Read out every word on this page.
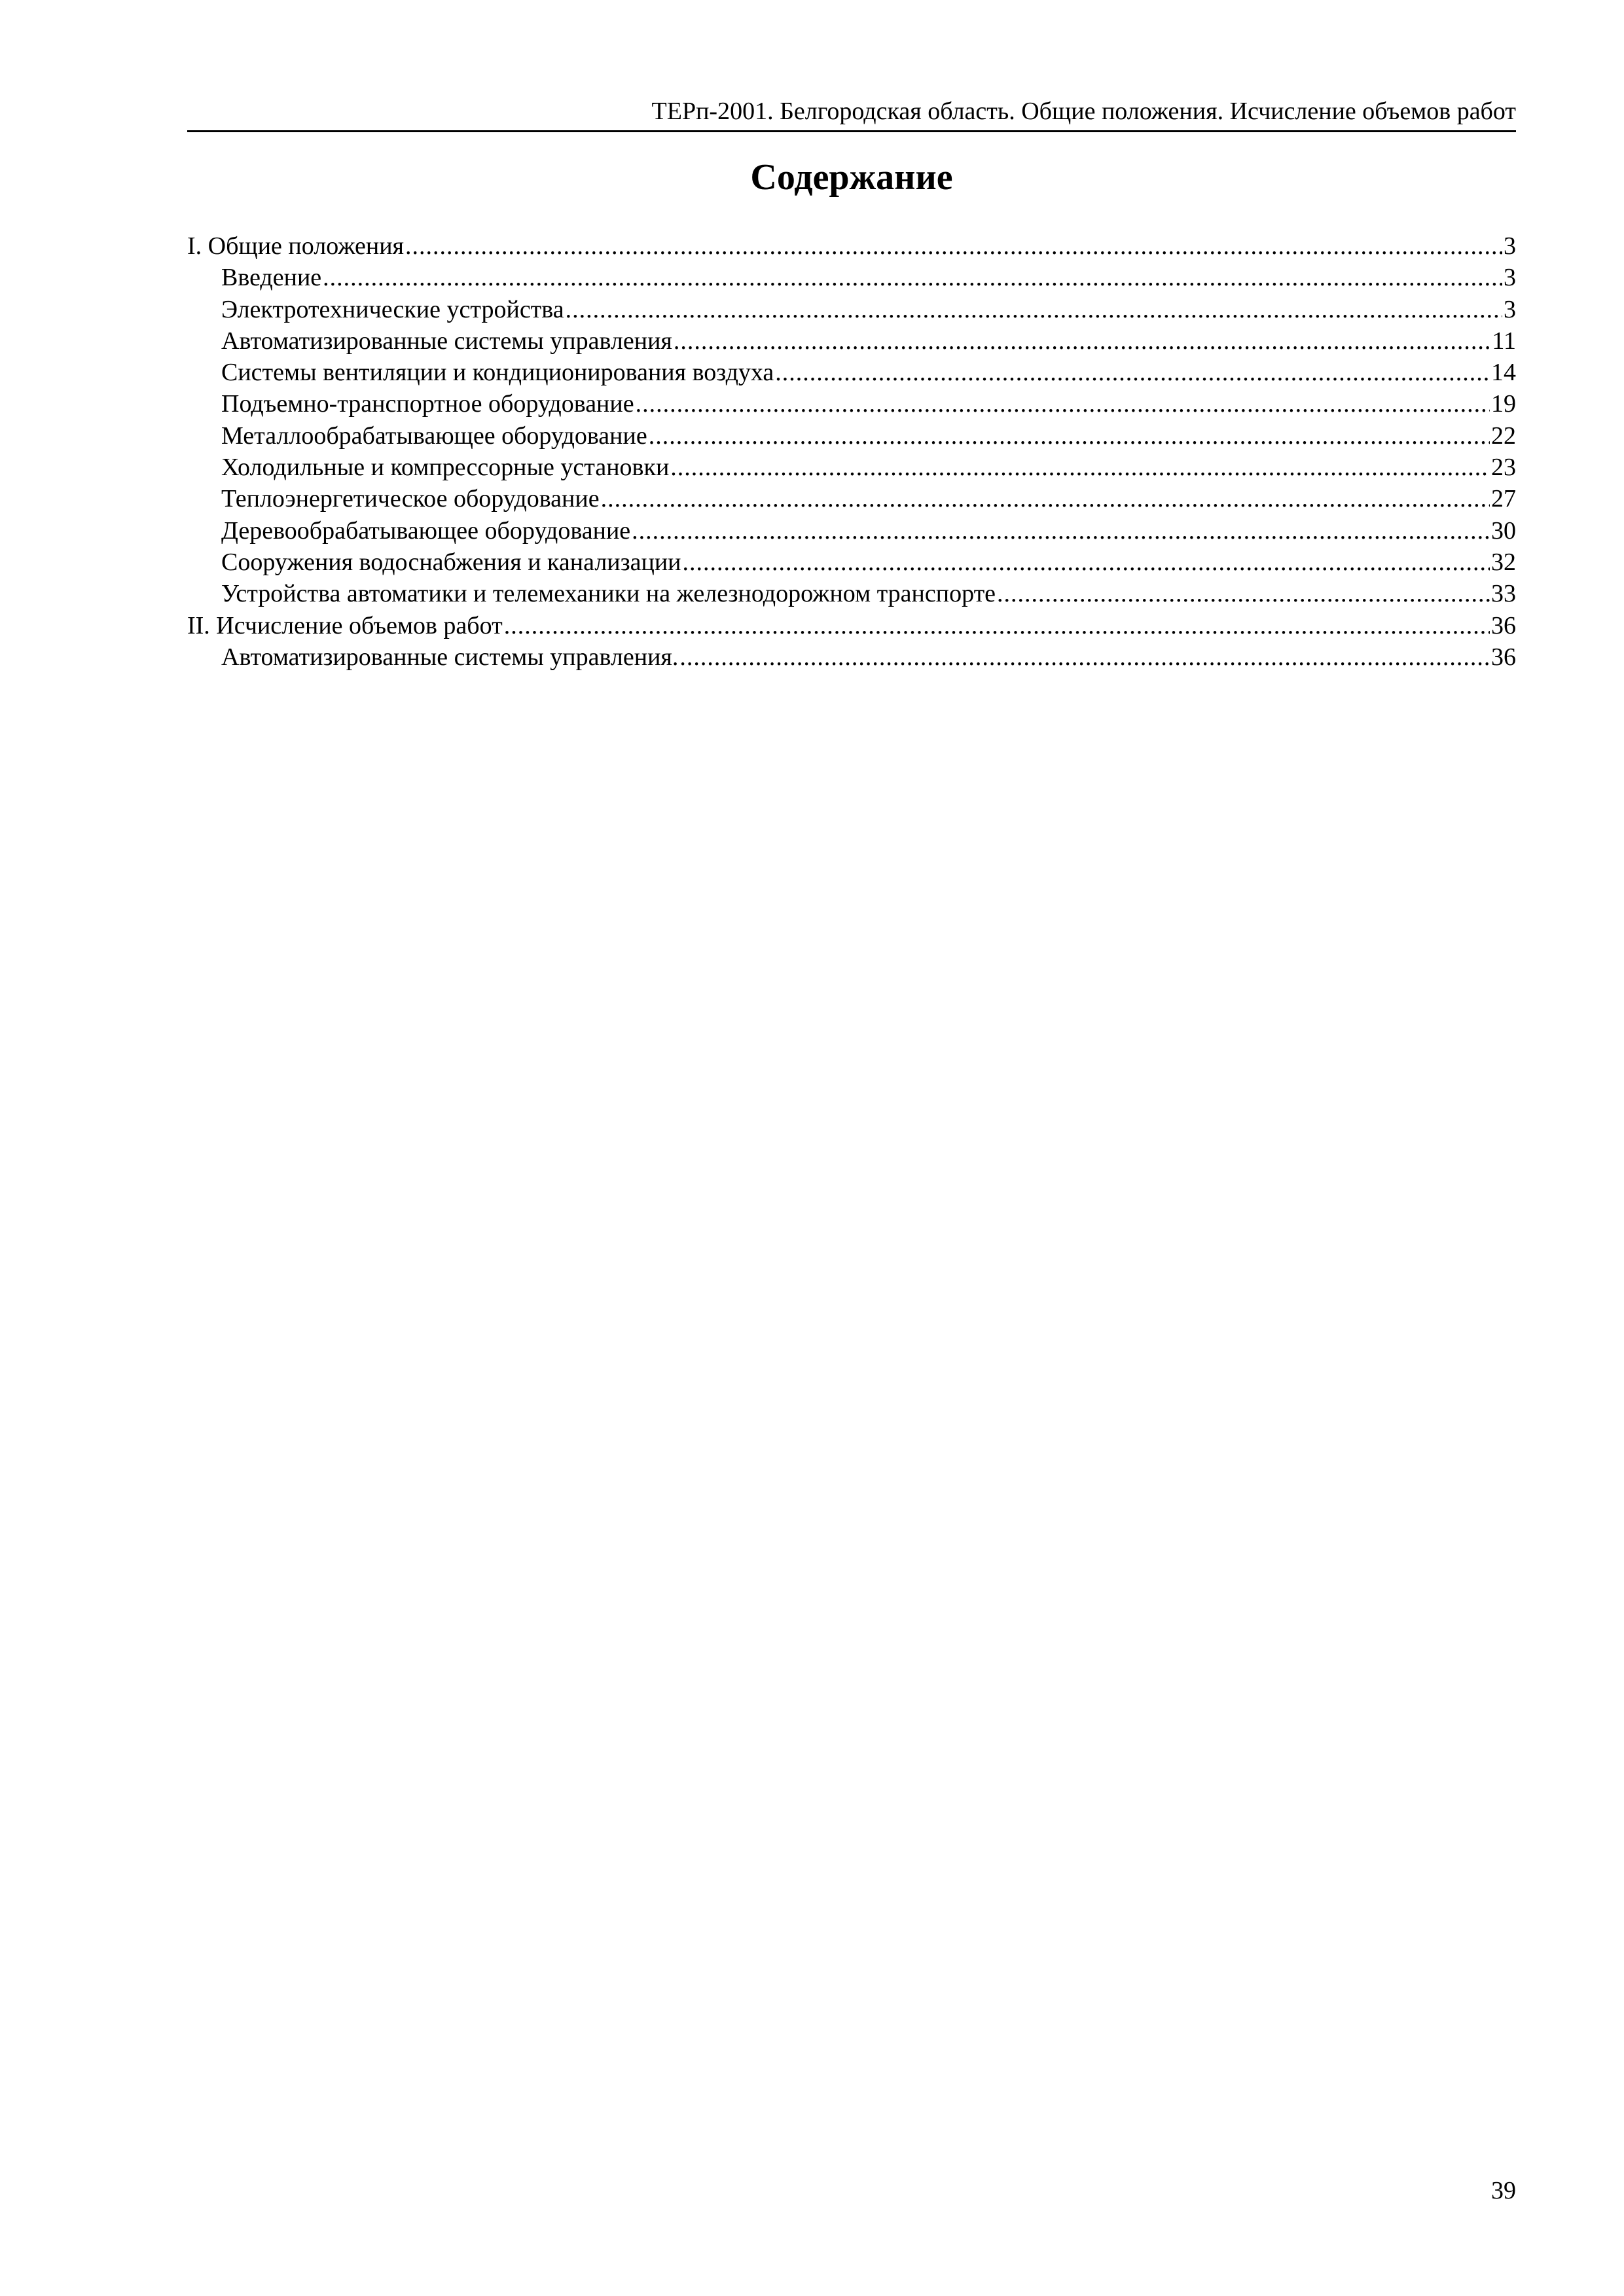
ТЕРп-2001. Белгородская область. Общие положения. Исчисление объемов работ
Содержание
I. Общие положения .....	3
Введение .....	3
Электротехнические устройства .....	3
Автоматизированные системы управления .....	11
Системы вентиляции и кондиционирования воздуха .....	14
Подъемно-транспортное оборудование .....	19
Металлообрабатывающее оборудование .....	22
Холодильные и компрессорные установки .....	23
Теплоэнергетическое оборудование .....	27
Деревообрабатывающее оборудование .....	30
Сооружения водоснабжения и канализации .....	32
Устройства автоматики и телемеханики на железнодорожном транспорте .....	33
II. Исчисление объемов работ .....	36
Автоматизированные системы управления. .....	36
39
